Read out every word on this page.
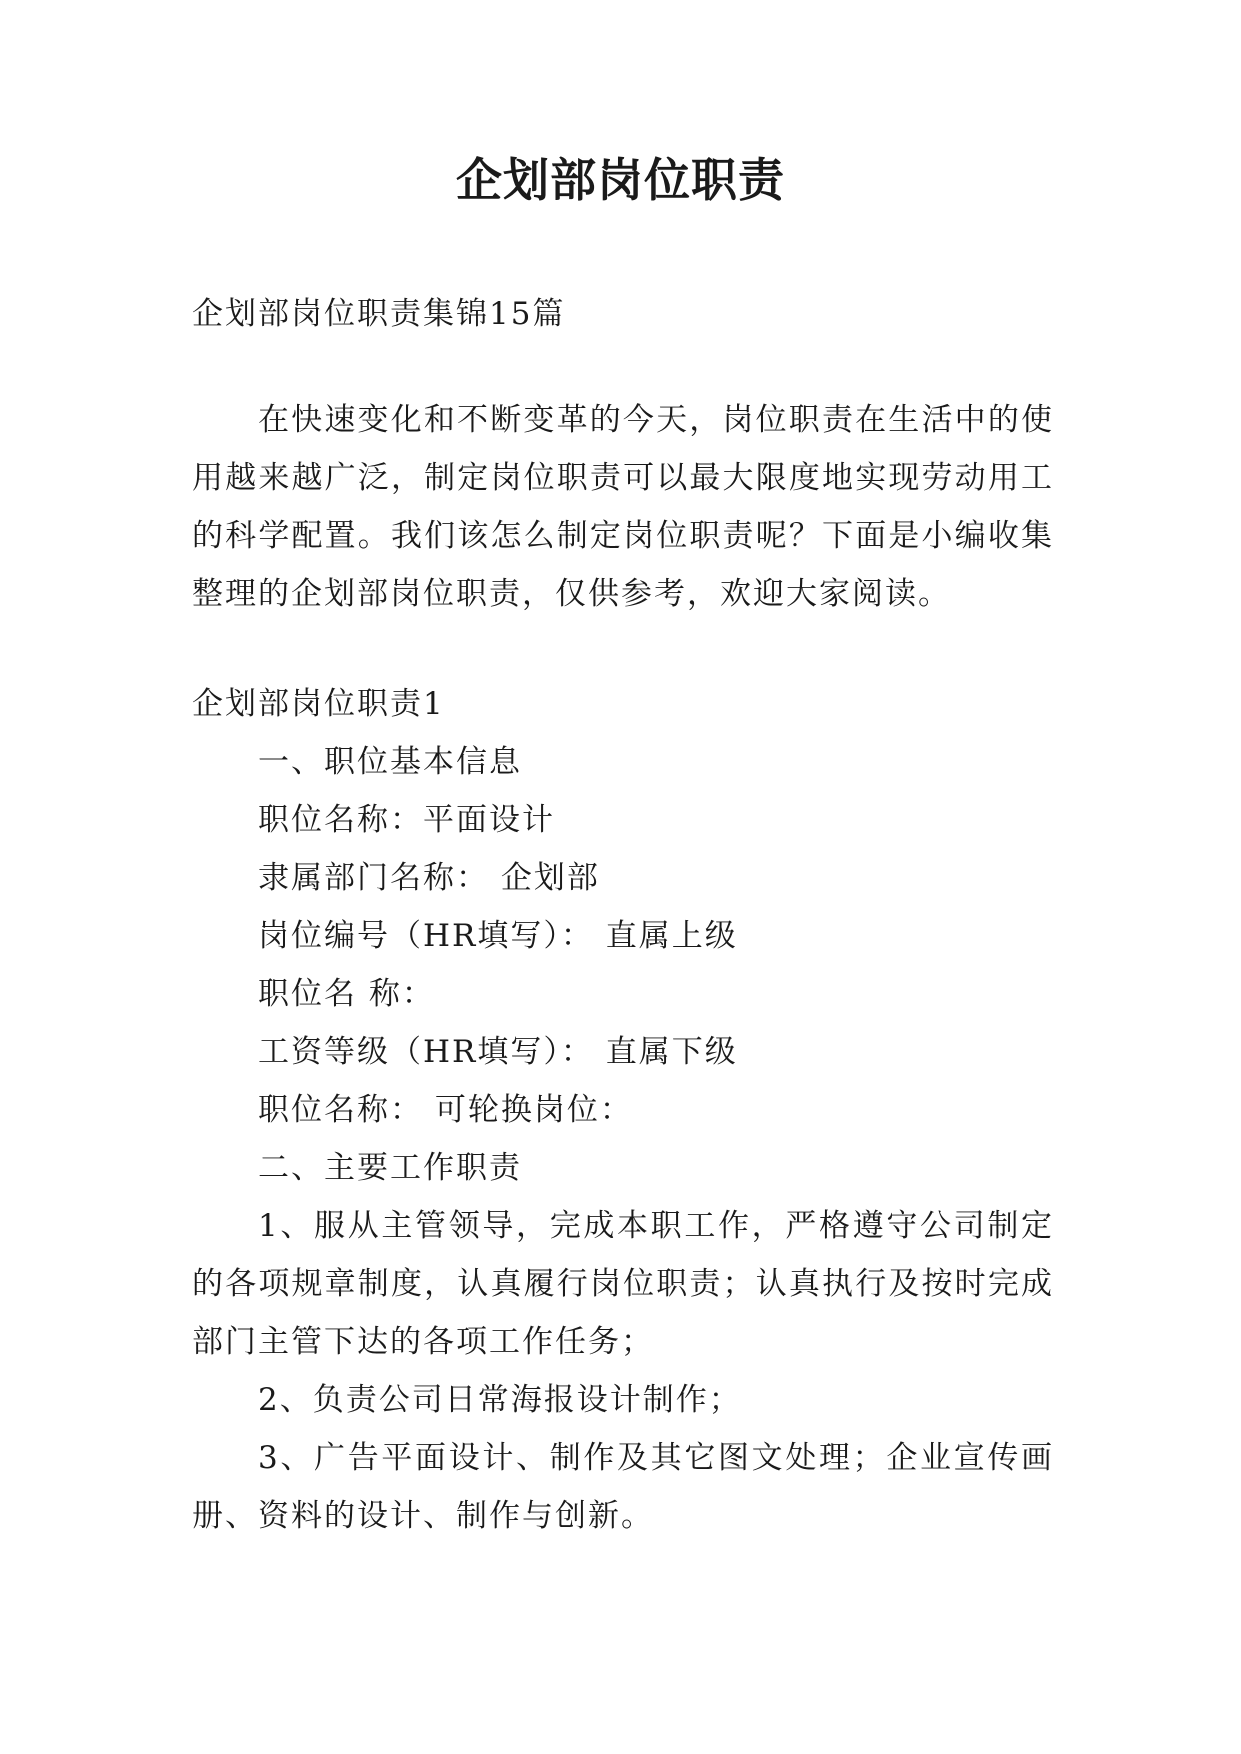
企划部岗位职责

企划部岗位职责集锦15篇

在快速变化和不断变革的今天，岗位职责在生活中的使用越来越广泛，制定岗位职责可以最大限度地实现劳动用工的科学配置。我们该怎么制定岗位职责呢？下面是小编收集整理的企划部岗位职责，仅供参考，欢迎大家阅读。

企划部岗位职责1

一、职位基本信息

职位名称：平面设计

隶属部门名称： 企划部

岗位编号（HR填写）： 直属上级

职位名 称：

工资等级（HR填写）： 直属下级

职位名称： 可轮换岗位：

二、主要工作职责

1、服从主管领导，完成本职工作，严格遵守公司制定的各项规章制度，认真履行岗位职责；认真执行及按时完成部门主管下达的各项工作任务；

2、负责公司日常海报设计制作；

3、广告平面设计、制作及其它图文处理；企业宣传画册、资料的设计、制作与创新。
